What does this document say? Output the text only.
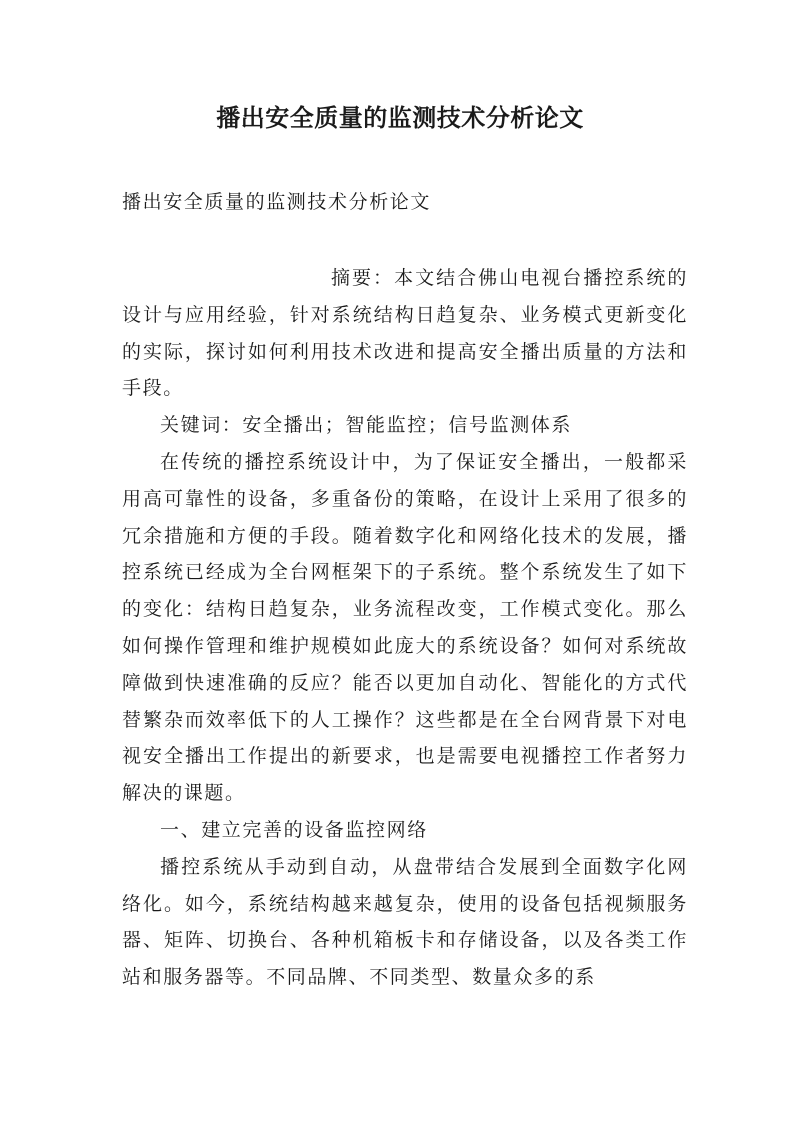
播出安全质量的监测技术分析论文
播出安全质量的监测技术分析论文

摘要：本文结合佛山电视台播控系统的设计与应用经验，针对系统结构日趋复杂、业务模式更新变化的实际，探讨如何利用技术改进和提高安全播出质量的方法和手段。

关键词：安全播出；智能监控；信号监测体系

在传统的播控系统设计中，为了保证安全播出，一般都采用高可靠性的设备，多重备份的策略，在设计上采用了很多的冗余措施和方便的手段。随着数字化和网络化技术的发展，播控系统已经成为全台网框架下的子系统。整个系统发生了如下的变化：结构日趋复杂，业务流程改变，工作模式变化。那么如何操作管理和维护规模如此庞大的系统设备？如何对系统故障做到快速准确的反应？能否以更加自动化、智能化的方式代替繁杂而效率低下的人工操作？这些都是在全台网背景下对电视安全播出工作提出的新要求，也是需要电视播控工作者努力解决的课题。

一、建立完善的设备监控网络

播控系统从手动到自动，从盘带结合发展到全面数字化网络化。如今，系统结构越来越复杂，使用的设备包括视频服务器、矩阵、切换台、各种机箱板卡和存储设备，以及各类工作站和服务器等。不同品牌、不同类型、数量众多的系
